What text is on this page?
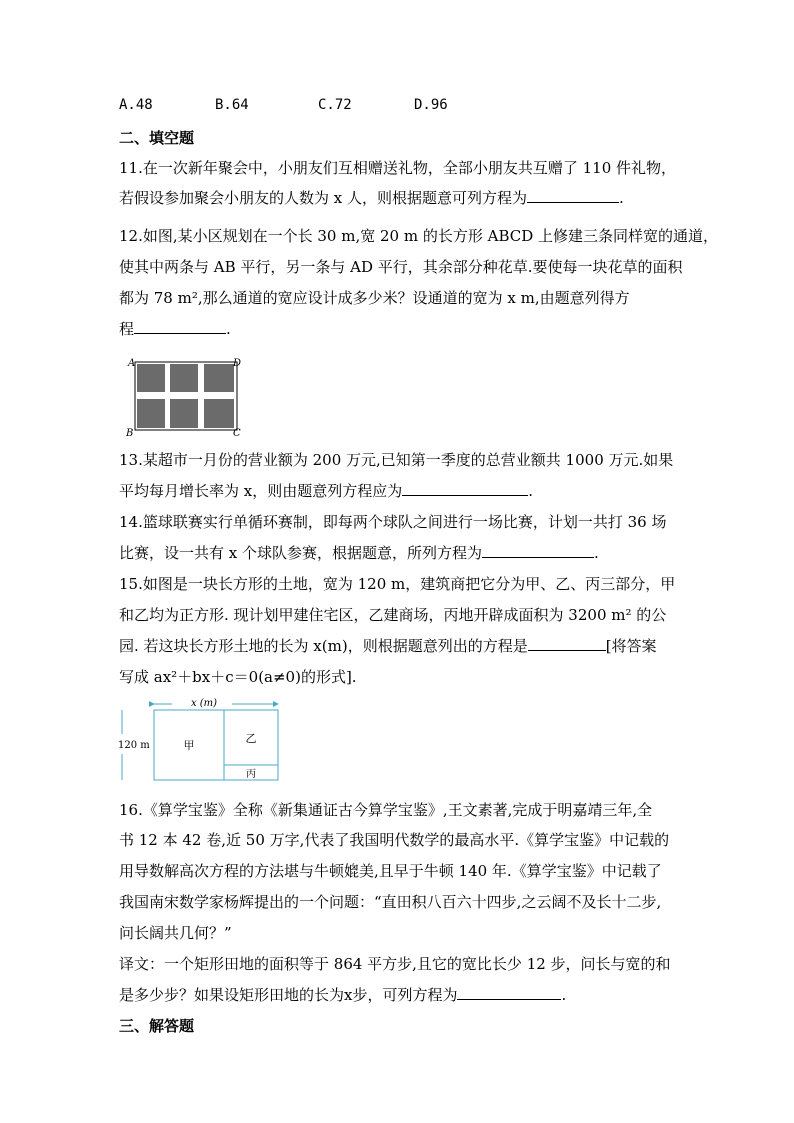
A.48	B.64	C.72	D.96
二、填空题
11.在一次新年聚会中，小朋友们互相赠送礼物，全部小朋友共互赠了 110 件礼物，
若假设参加聚会小朋友的人数为 x 人，则根据题意可列方程为	.
12.如图,某小区规划在一个长 30 m,宽 20 m 的长方形 ABCD 上修建三条同样宽的通道，
使其中两条与 AB 平行，另一条与 AD 平行，其余部分种花草.要使每一块花草的面积
都为 78 m²,那么通道的宽应设计成多少米？设通道的宽为 x m,由题意列得方
程	.
A	D
B	C
13.某超市一月份的营业额为 200 万元,已知第一季度的总营业额共 1000 万元.如果
平均每月增长率为 x，则由题意列方程应为	.
14.篮球联赛实行单循环赛制，即每两个球队之间进行一场比赛，计划一共打 36 场
比赛，设一共有 x 个球队参赛，根据题意，所列方程为	.
15.如图是一块长方形的土地，宽为 120 m，建筑商把它分为甲、乙、丙三部分，甲
和乙均为正方形. 现计划甲建住宅区，乙建商场，丙地开辟成面积为 3200 m² 的公
园. 若这块长方形土地的长为 x(m)，则根据题意列出的方程是	[将答案
写成 ax²＋bx＋c＝0(a≠0)的形式].
x (m)
120 m	甲
乙
丙
16.《算学宝鉴》全称《新集通证古今算学宝鉴》,王文素著,完成于明嘉靖三年,全
书 12 本 42 卷,近 50 万字,代表了我国明代数学的最高水平.《算学宝鉴》中记载的
用导数解高次方程的方法堪与牛顿媲美,且早于牛顿 140 年.《算学宝鉴》中记载了
我国南宋数学家杨辉提出的一个问题：“直田积八百六十四步,之云阔不及长十二步,
问长阔共几何？”
译文：一个矩形田地的面积等于 864 平方步,且它的宽比长少 12 步，问长与宽的和
是多少步？如果设矩形田地的长为x步，可列方程为	.
三、解答题
